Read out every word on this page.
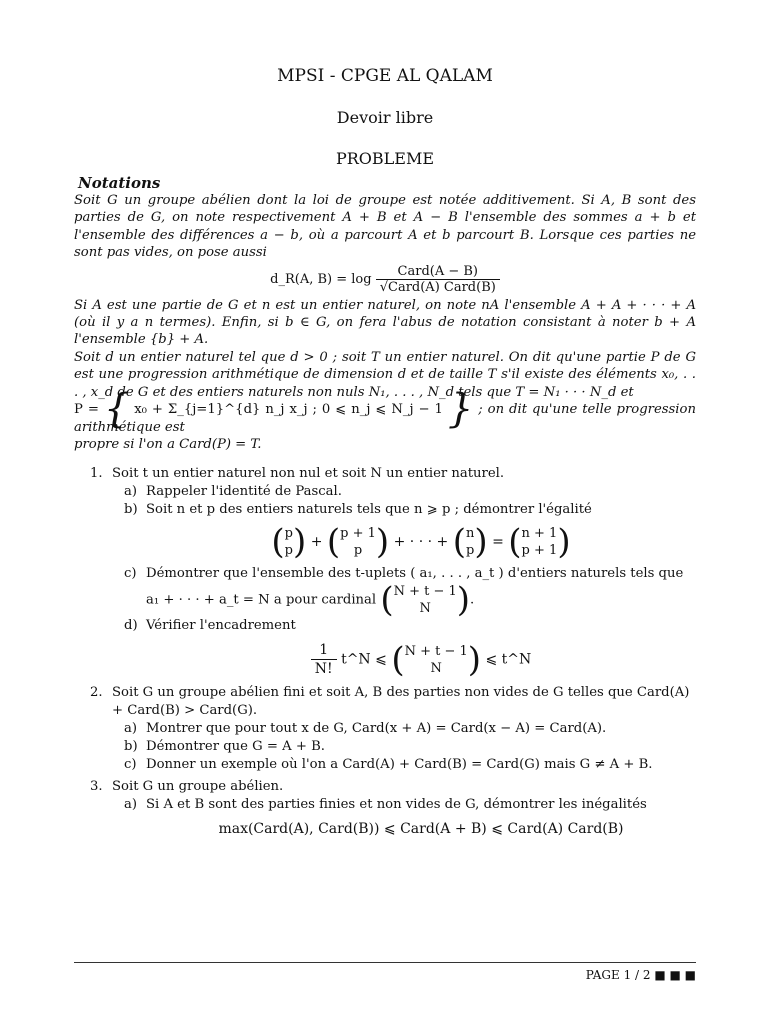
MPSI - CPGE AL QALAM
Devoir libre
PROBLEME
Notations

Soit G un groupe abélien dont la loi de groupe est notée additivement. Si A, B sont des parties de G, on note respectivement A + B et A − B l'ensemble des sommes a + b et l'ensemble des différences a − b, où a parcourt A et b parcourt B. Lorsque ces parties ne sont pas vides, on pose aussi

d_R(A, $B) = \log \frac{\text{Card(A − B)}}{\text{√Card(A) Card(B)}}$

Si A est une partie de G et n est un entier naturel, on note nA l'ensemble A + A + · · · + A (où il y a n termes). Enfin, si b ∈ G, on fera l'abus de notation consistant à noter b + A l'ensemble {b} + A.

Soit d un entier naturel tel que d > 0 ; soit T un entier naturel. On dit qu'une partie P de G est une progression arithmétique de dimension d et de taille T s'il existe des éléments x₀, . . . , x_d de G et des entiers naturels non nuls N₁, . . . , N_d tels que T = N₁ · · · N_d et

P = { x₀ + Σ_{j=1}^{d} n_j x_j ; 0 ⩽ n_j ⩽ N_j − 1 } ; on dit qu'une telle progression arithmétique est

propre si l'on a Card(P) = T.

1. Soit t un entier naturel non nul et soit N un entier naturel.
a) Rappeler l'identité de Pascal.
b) Soit n et p des entiers naturels tels que n ⩾ p ; démontrer l'égalité
(p
p) + (p + 1
p ) + · · · + (n
p) = (n + 1
p + 1)
c) Démontrer que l'ensemble des t-uplets ( a₁, . . . , a_t ) d'entiers naturels tels que a₁ + · · · + a_t = N a pour cardinal (N + t − 1
N ).
d) Vérifier l'encadrement
$\frac{1}{N!}$ t^N ⩽ (N + t − 1
N ) ⩽ t^N
2. Soit G un groupe abélien fini et soit A, B des parties non vides de G telles que Card(A) + Card(B) > Card(G).
a) Montrer que pour tout x de G, Card(x + A) = Card(x − A) = Card(A).
b) Démontrer que G = A + B.
c) Donner un exemple où l'on a Card(A) + Card(B) = Card(G) mais G ≠ A + B.
3. Soit G un groupe abélien.
a) Si A et B sont des parties finies et non vides de G, démontrer les inégalités
max(Card(A), Card(B)) ⩽ Card(A + B) ⩽ Card(A) Card(B)
PAGE 1 / 2 ■ ■ ■
